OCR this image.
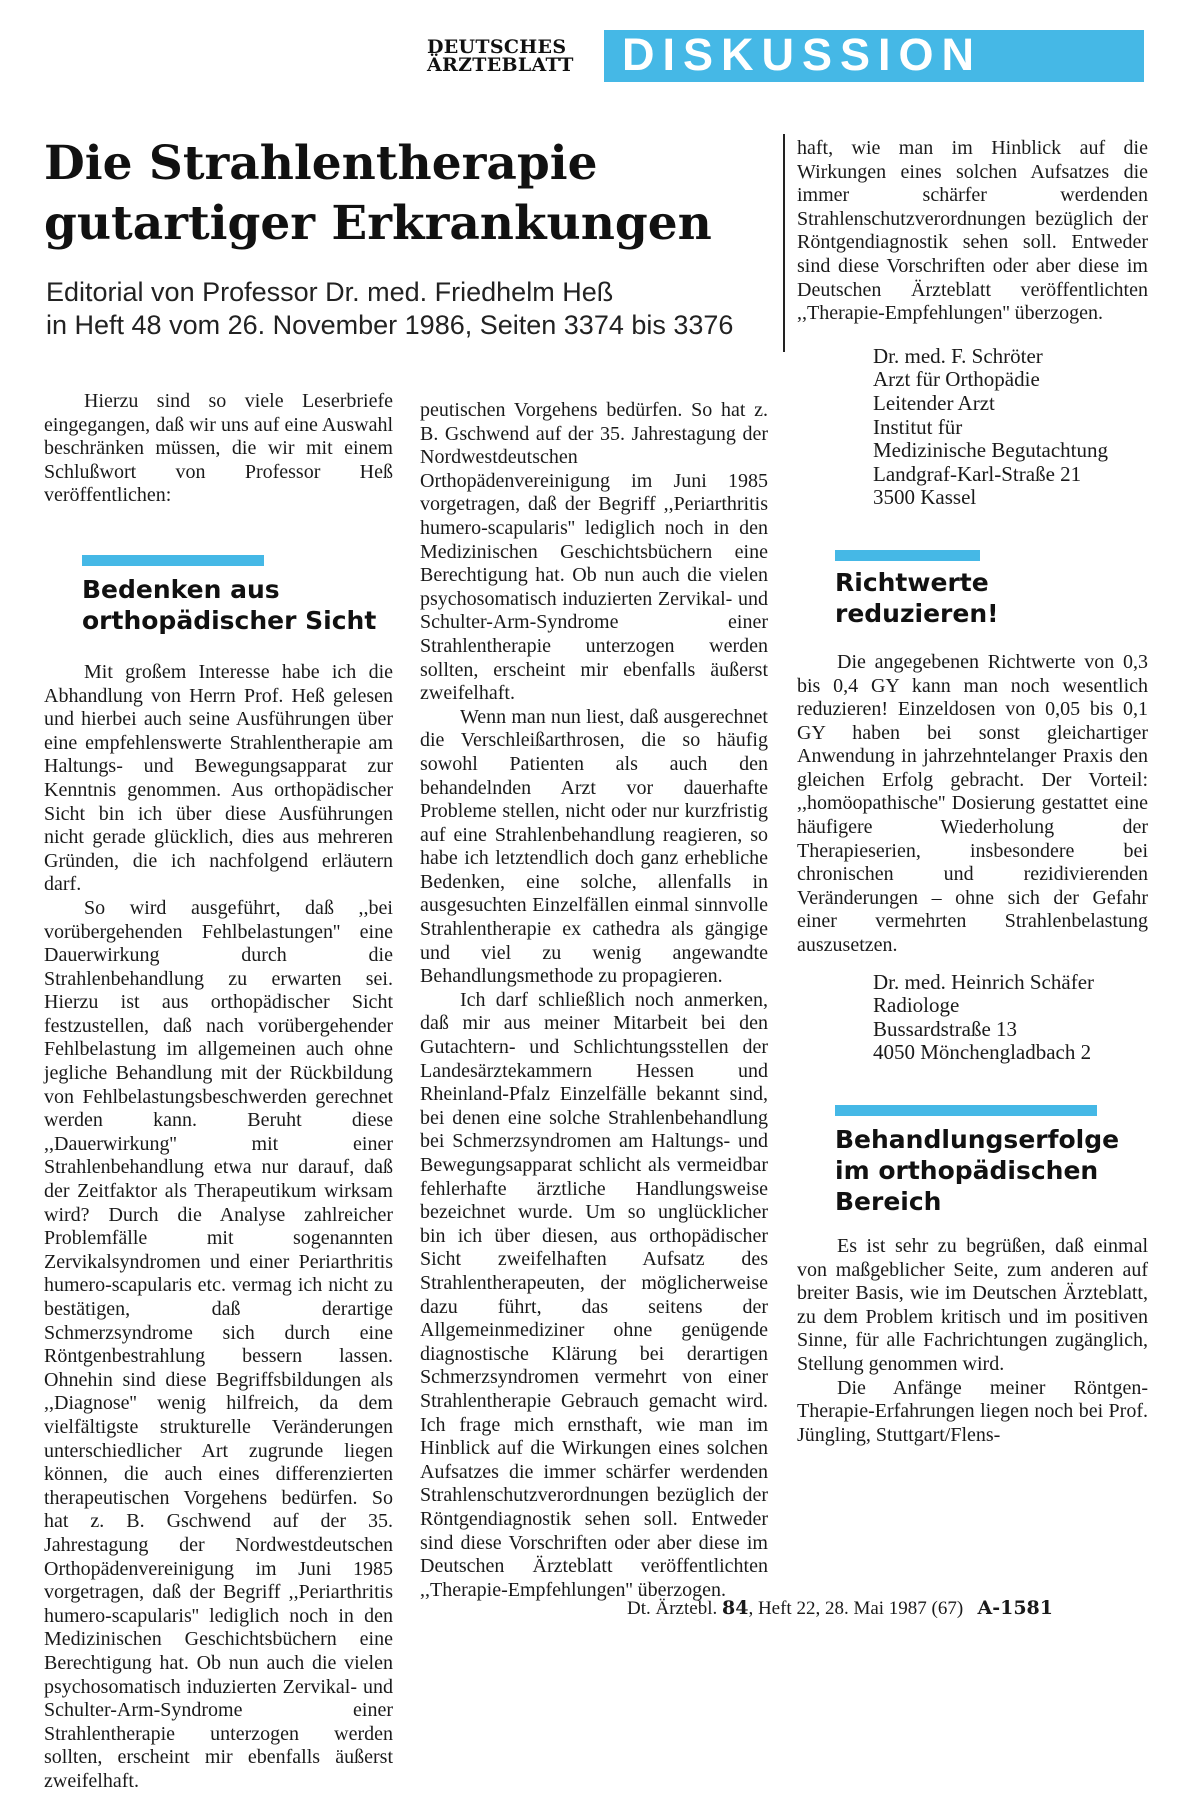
DEUTSCHES
ÄRZTEBLATT	DISKUSSION
Die Strahlentherapie
gutartiger Erkrankungen
Editorial von Professor Dr. med. Friedhelm Heß
in Heft 48 vom 26. November 1986, Seiten 3374 bis 3376

Hierzu sind so viele Leserbriefe eingegangen, daß wir uns auf eine Auswahl beschränken müssen, die wir mit einem Schlußwort von Professor Heß veröffentlichen:

Bedenken aus
orthopädischer Sicht

Mit großem Interesse habe ich die Abhandlung von Herrn Prof. Heß gelesen und hierbei auch seine Ausführungen über eine empfehlenswerte Strahlentherapie am Haltungs- und Bewegungsapparat zur Kenntnis genommen. Aus orthopädischer Sicht bin ich über diese Ausführungen nicht gerade glücklich, dies aus mehreren Gründen, die ich nachfolgend erläutern darf.

So wird ausgeführt, daß ,,bei vorübergehenden Fehlbelastungen'' eine Dauerwirkung durch die Strahlenbehandlung zu erwarten sei. Hierzu ist aus orthopädischer Sicht festzustellen, daß nach vorübergehender Fehlbelastung im allgemeinen auch ohne jegliche Behandlung mit der Rückbildung von Fehlbelastungsbeschwerden gerechnet werden kann. Beruht diese ,,Dauerwirkung'' mit einer Strahlenbehandlung etwa nur darauf, daß der Zeitfaktor als Therapeutikum wirksam wird? Durch die Analyse zahlreicher Problemfälle mit sogenannten Zervikalsyndromen und einer Periarthritis humero-scapularis etc. vermag ich nicht zu bestätigen, daß derartige Schmerzsyndrome sich durch eine Röntgenbestrahlung bessern lassen. Ohnehin sind diese Begriffsbildungen als ,,Diagnose'' wenig hilfreich, da dem vielfältigste strukturelle Veränderungen unterschiedlicher Art zugrunde liegen können, die auch eines differenzierten therapeutischen Vorgehens bedürfen. So hat z. B. Gschwend auf der 35. Jahrestagung der Nordwestdeutschen Orthopädenvereinigung im Juni 1985 vorgetragen, daß der Begriff ,,Periarthritis humero-scapularis'' lediglich noch in den Medizinischen Geschichtsbüchern eine Berechtigung hat. Ob nun auch die vielen psychosomatisch induzierten Zervikal- und Schulter-Arm-Syndrome einer Strahlentherapie unterzogen werden sollten, erscheint mir ebenfalls äußerst zweifelhaft.

peutischen Vorgehens bedürfen. So hat z. B. Gschwend auf der 35. Jahrestagung der Nordwestdeutschen Orthopädenvereinigung im Juni 1985 vorgetragen, daß der Begriff ,,Periarthritis humero-scapularis'' lediglich noch in den Medizinischen Geschichtsbüchern eine Berechtigung hat. Ob nun auch die vielen psychosomatisch induzierten Zervikal- und Schulter-Arm-Syndrome einer Strahlentherapie unterzogen werden sollten, erscheint mir ebenfalls äußerst zweifelhaft.

Wenn man nun liest, daß ausgerechnet die Verschleißarthrosen, die so häufig sowohl Patienten als auch den behandelnden Arzt vor dauerhafte Probleme stellen, nicht oder nur kurzfristig auf eine Strahlenbehandlung reagieren, so habe ich letztendlich doch ganz erhebliche Bedenken, eine solche, allenfalls in ausgesuchten Einzelfällen einmal sinnvolle Strahlentherapie ex cathedra als gängige und viel zu wenig angewandte Behandlungsmethode zu propagieren.

Ich darf schließlich noch anmerken, daß mir aus meiner Mitarbeit bei den Gutachtern- und Schlichtungsstellen der Landesärztekammern Hessen und Rheinland-Pfalz Einzelfälle bekannt sind, bei denen eine solche Strahlenbehandlung bei Schmerzsyndromen am Haltungs- und Bewegungsapparat schlicht als vermeidbar fehlerhafte ärztliche Handlungsweise bezeichnet wurde. Um so unglücklicher bin ich über diesen, aus orthopädischer Sicht zweifelhaften Aufsatz des Strahlentherapeuten, der möglicherweise dazu führt, das seitens der Allgemeinmediziner ohne genügende diagnostische Klärung bei derartigen Schmerzsyndromen vermehrt von einer Strahlentherapie Gebrauch gemacht wird. Ich frage mich ernsthaft, wie man im Hinblick auf die Wirkungen eines solchen Aufsatzes die immer schärfer werdenden Strahlenschutzverordnungen bezüglich der Röntgendiagnostik sehen soll. Entweder sind diese Vorschriften oder aber diese im Deutschen Ärzteblatt veröffentlichten ,,Therapie-Empfehlungen'' überzogen.

haft, wie man im Hinblick auf die Wirkungen eines solchen Aufsatzes die immer schärfer werdenden Strahlenschutzverordnungen bezüglich der Röntgendiagnostik sehen soll. Entweder sind diese Vorschriften oder aber diese im Deutschen Ärzteblatt veröffentlichten ,,Therapie-Empfehlungen'' überzogen.

Dr. med. F. Schröter
Arzt für Orthopädie
Leitender Arzt
Institut für
Medizinische Begutachtung
Landgraf-Karl-Straße 21
3500 Kassel
Richtwerte
reduzieren!

Die angegebenen Richtwerte von 0,3 bis 0,4 GY kann man noch wesentlich reduzieren! Einzeldosen von 0,05 bis 0,1 GY haben bei sonst gleichartiger Anwendung in jahrzehntelanger Praxis den gleichen Erfolg gebracht. Der Vorteil: ,,homöopathische'' Dosierung gestattet eine häufigere Wiederholung der Therapieserien, insbesondere bei chronischen und rezidivierenden Veränderungen – ohne sich der Gefahr einer vermehrten Strahlenbelastung auszusetzen.

Dr. med. Heinrich Schäfer
Radiologe
Bussardstraße 13
4050 Mönchengladbach 2
Behandlungserfolge
im orthopädischen
Bereich

Es ist sehr zu begrüßen, daß einmal von maßgeblicher Seite, zum anderen auf breiter Basis, wie im Deutschen Ärzteblatt, zu dem Problem kritisch und im positiven Sinne, für alle Fachrichtungen zugänglich, Stellung genommen wird.

Die Anfänge meiner Röntgen-Therapie-Erfahrungen liegen noch bei Prof. Jüngling, Stuttgart/Flens-

Dt. Ärztebl. 84, Heft 22, 28. Mai 1987 (67) A-1581
